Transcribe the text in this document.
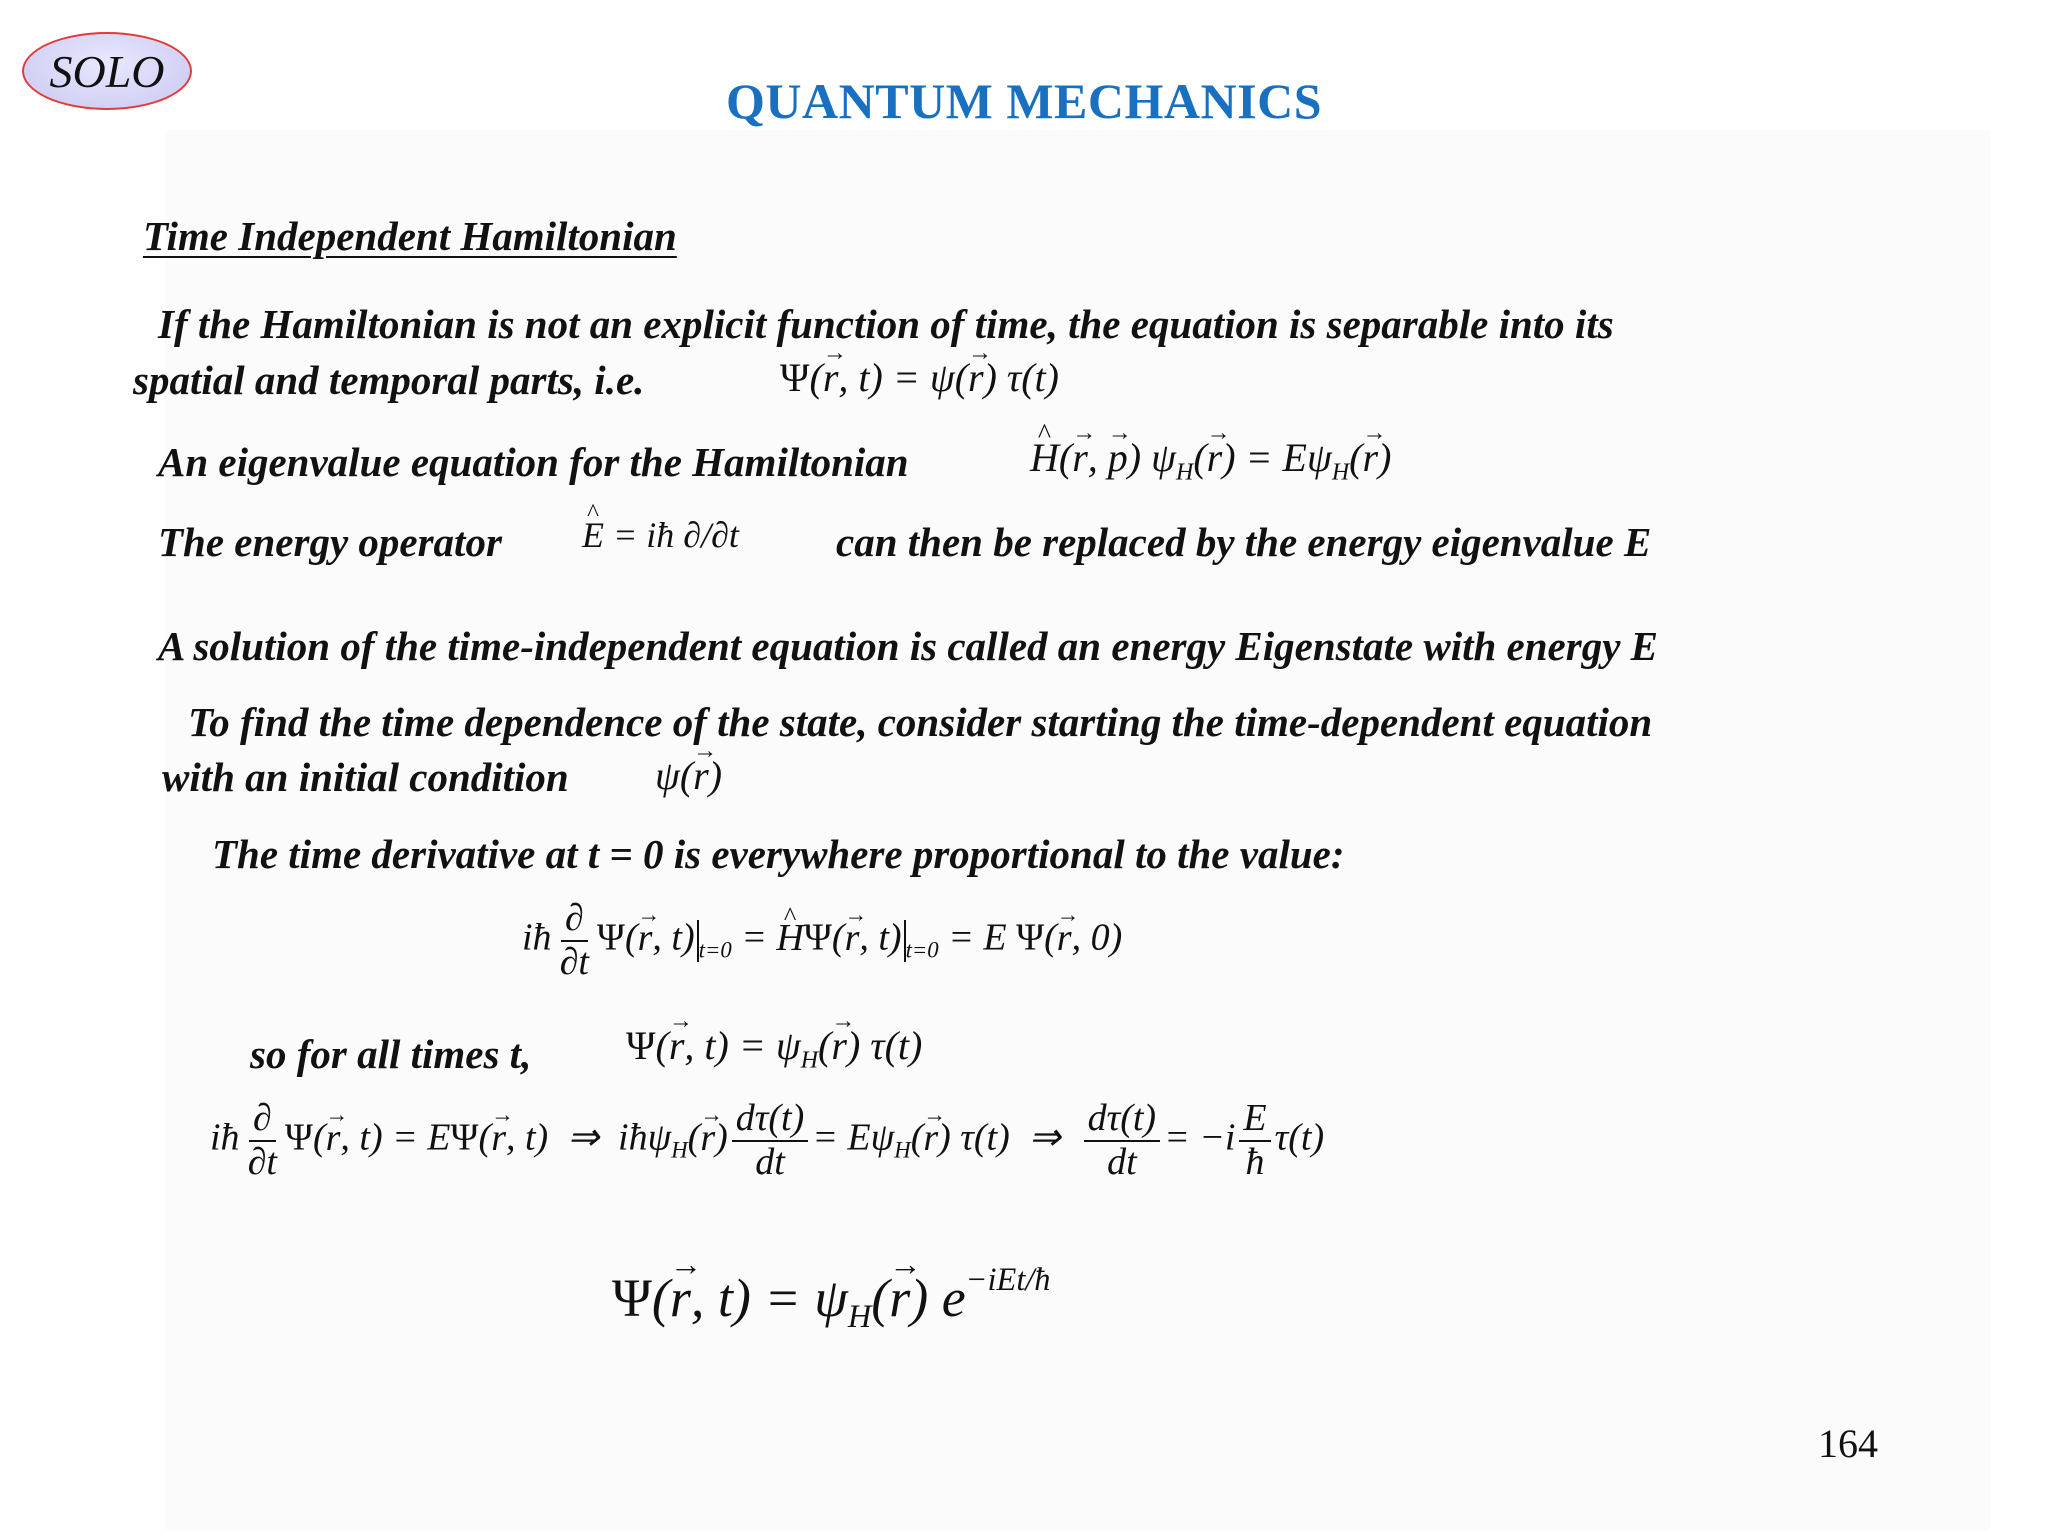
SOLO
QUANTUM MECHANICS
Time Independent Hamiltonian
If the Hamiltonian is not an explicit function of time, the equation is separable into its
spatial and temporal parts, i.e.	Ψ(→ r, t) = ψ(→ r) τ(t)
An eigenvalue equation for the Hamiltonian	^ H(→ r, → p) $\psi_H(\to r) = E\psi_H(\to r)$
The energy operator ^ E = iħ ∂/∂t can then be replaced by the energy eigenvalue E
A solution of the time-independent equation is called an energy Eigenstate with energy E
To find the time dependence of the state, consider starting the time-dependent equation
with an initial condition ψ(→ r)
The time derivative at t = 0 is everywhere proportional to the value:
iħ $\frac{\partial}{\partial t} \Psi(\to r$, t) $_{t=0}$ = ^ HΨ(→ r, t) $_{t=0}$ = E Ψ(→ r, 0)
so for all times t, Ψ(→ r, $t) = \psi_H(\to r)$ τ(t)
iħ $\frac{\partial}{\partial t} \Psi(\to r$, t) = EΨ(→ r, t)  ⇒  iħψ$_H$(→ $r) \frac{d\tau(t)}{dt} = E\psi_H(\to r)$ τ(t)  ⇒ $\frac{d\tau(t)}{dt} = -i \frac{E}{ħ} \tau(t)$
Ψ(→ r, $t) = \psi_H(\to r)$ $e^{-iEt/ħ}$
164
